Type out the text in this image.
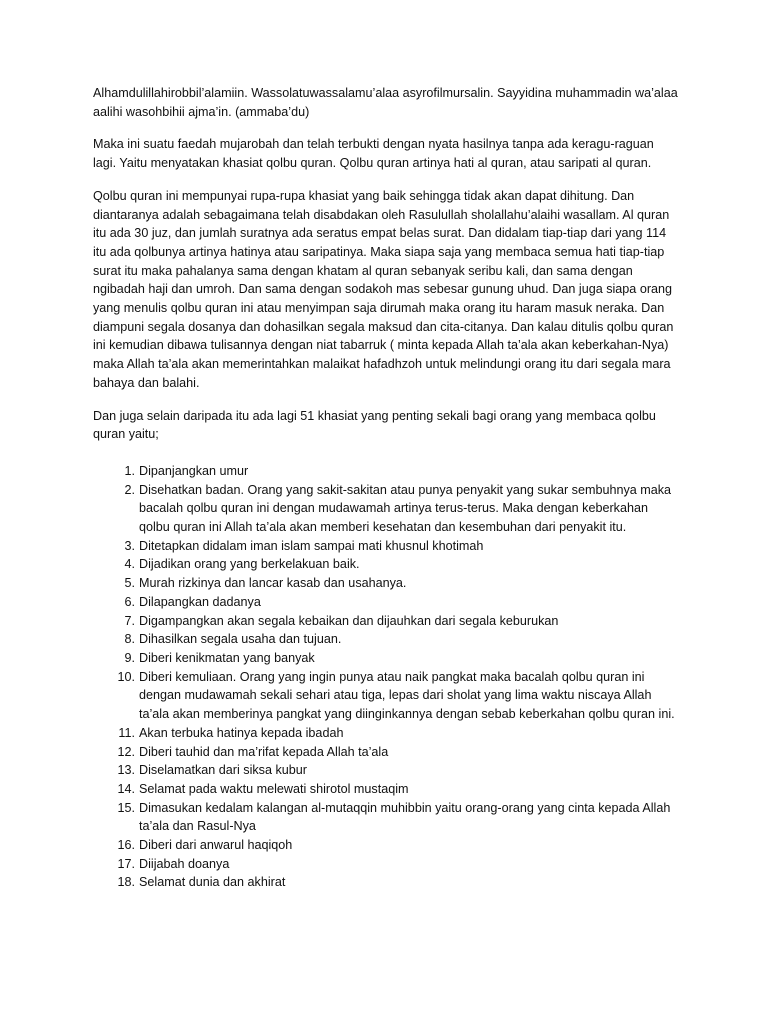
Alhamdulillahirobbil’alamiin. Wassolatuwassalamu’alaa asyrofilmursalin. Sayyidina muhammadin wa’alaa aalihi wasohbihii ajma’in. (ammaba’du)

Maka ini suatu faedah mujarobah dan telah terbukti dengan nyata hasilnya tanpa ada keragu-raguan lagi. Yaitu menyatakan khasiat qolbu quran. Qolbu quran artinya hati al quran, atau saripati al quran.

Qolbu quran ini mempunyai rupa-rupa khasiat yang baik sehingga tidak akan dapat dihitung. Dan diantaranya adalah sebagaimana telah disabdakan oleh Rasulullah sholallahu’alaihi wasallam. Al quran itu ada 30 juz, dan jumlah suratnya ada seratus empat belas surat. Dan didalam tiap-tiap dari yang 114 itu ada qolbunya artinya hatinya atau saripatinya. Maka siapa saja yang membaca semua hati tiap-tiap surat itu maka pahalanya sama dengan khatam al quran sebanyak seribu kali, dan sama dengan ngibadah haji dan umroh. Dan sama dengan sodakoh mas sebesar gunung uhud. Dan juga siapa orang yang menulis qolbu quran ini atau menyimpan saja dirumah maka orang itu haram masuk neraka. Dan diampuni segala dosanya dan dohasilkan segala maksud dan cita-citanya. Dan kalau ditulis qolbu quran ini kemudian dibawa tulisannya dengan niat tabarruk ( minta kepada Allah ta’ala akan keberkahan-Nya) maka Allah ta’ala akan memerintahkan malaikat hafadhzoh untuk melindungi orang itu dari segala mara bahaya dan balahi.

Dan juga selain daripada itu ada lagi 51 khasiat yang penting sekali bagi orang yang membaca qolbu quran yaitu;

1. Dipanjangkan umur
2. Disehatkan badan. Orang yang sakit-sakitan atau punya penyakit yang sukar sembuhnya maka bacalah qolbu quran ini dengan mudawamah artinya terus-terus. Maka dengan keberkahan qolbu quran ini Allah ta’ala akan memberi kesehatan dan kesembuhan dari penyakit itu.
3. Ditetapkan didalam iman islam sampai mati khusnul khotimah
4. Dijadikan orang yang berkelakuan baik.
5. Murah rizkinya dan lancar kasab dan usahanya.
6. Dilapangkan dadanya
7. Digampangkan akan segala kebaikan dan dijauhkan dari segala keburukan
8. Dihasilkan segala usaha dan tujuan.
9. Diberi kenikmatan yang banyak
10. Diberi kemuliaan. Orang yang ingin punya atau naik pangkat maka bacalah qolbu quran ini dengan mudawamah sekali sehari atau tiga, lepas dari sholat yang lima waktu niscaya Allah ta’ala akan memberinya pangkat yang diinginkannya dengan sebab keberkahan qolbu quran ini.
11. Akan terbuka hatinya kepada ibadah
12. Diberi tauhid dan ma’rifat kepada Allah ta’ala
13. Diselamatkan dari siksa kubur
14. Selamat pada waktu melewati shirotol mustaqim
15. Dimasukan kedalam kalangan al-mutaqqin muhibbin yaitu orang-orang yang cinta kepada Allah ta’ala dan Rasul-Nya
16. Diberi dari anwarul haqiqoh
17. Diijabah doanya
18. Selamat dunia dan akhirat
